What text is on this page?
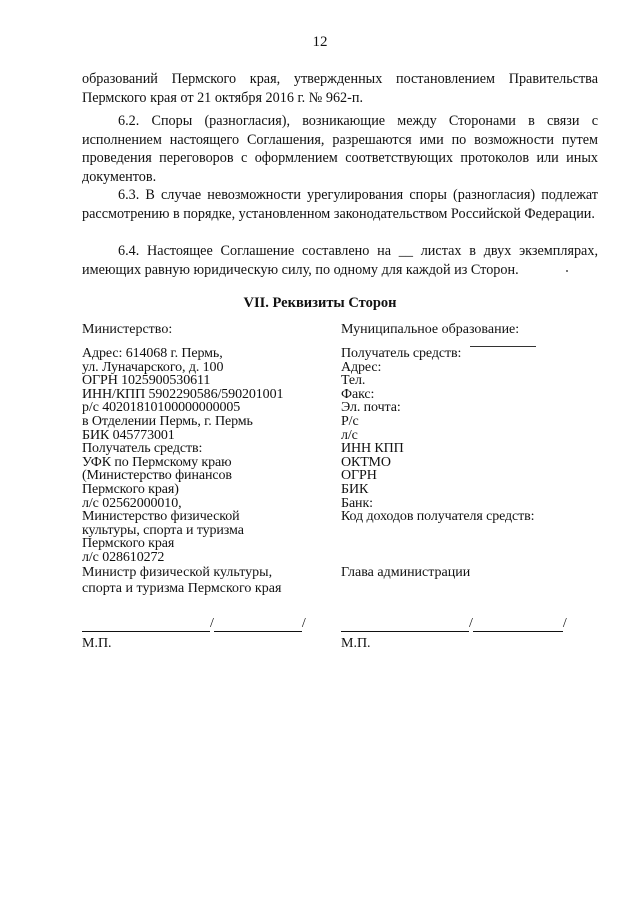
12
образований Пермского края, утвержденных постановлением Правительства Пермского края от 21 октября 2016 г. № 962-п.
6.2. Споры (разногласия), возникающие между Сторонами в связи с исполнением настоящего Соглашения, разрешаются ими по возможности путем проведения переговоров с оформлением соответствующих протоколов или иных документов.
6.3. В случае невозможности урегулирования споры (разногласия) подлежат рассмотрению в порядке, установленном законодательством Российской Федерации.
6.4. Настоящее Соглашение составлено на __ листах в двух экземплярах, имеющих равную юридическую силу, по одному для каждой из Сторон.
VII. Реквизиты Сторон
Министерство:
Адрес: 614068 г. Пермь,
ул. Луначарского, д. 100
ОГРН 1025900530611
ИНН/КПП 5902290586/590201001
р/с 40201810100000000005
в Отделении Пермь, г. Пермь
БИК 045773001
Получатель средств:
УФК по Пермскому краю
(Министерство финансов
Пермского края)
л/с 02562000010,
Министерство физической
культуры, спорта и туризма
Пермского края
л/с 028610272
Министр физической культуры,
спорта и туризма Пермского края
/	/
М.П.
Муниципальное образование:
Получатель средств:
Адрес:
Тел.
Факс:
Эл. почта:
Р/с
л/с
ИНН КПП
ОКТМО
ОГРН
БИК
Банк:
Код доходов получателя средств:
Глава администрации
/	/
М.П.
